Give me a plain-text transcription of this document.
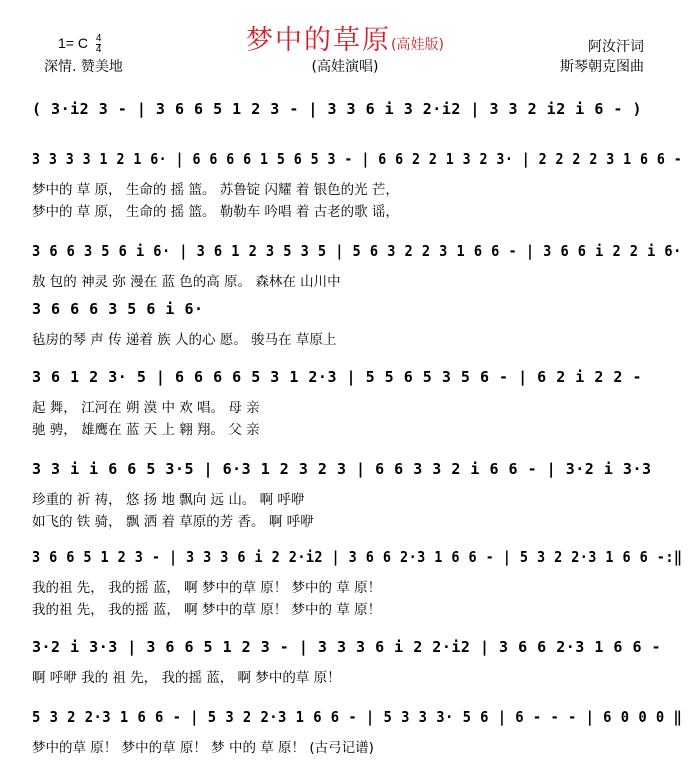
梦中的草原(高娃版)
1= C $\frac{4}{4}$
深情. 赞美地	(高娃演唱)
阿汝汗词
斯琴朝克图曲
( 3·i2 3 - | 3 6 6 5 1 2 3 - | 3 3 6 i 3 2·i2 | 3 3 2 i2 i 6 - )
3 3 3 3 1 2 1 6· | 6 6 6 6 1 5 6 5 3 - | 6 6 2 2 1 3 2 3· | 2 2 2 2 3 1 6 6 -
梦中的 草 原， 生命的 摇 篮。 苏鲁锭 闪耀 着 银色的光 芒，
梦中的 草 原， 生命的 摇 篮。 勒勒车 吟唱 着 古老的歌 谣，
3 6 6 3 5 6 i 6· | 3 6 1 2 3 5 3 5 | 5 6 3 2 2 3 1 6 6 - | 3 6 6 i 2 2 i 6·
敖 包的 神灵 弥 漫在 蓝 色的高 原。 森林在 山川中
3 6 6 6 3 5 6 i 6·
毡房的琴 声 传 递着 族 人的心 愿。 骏马在 草原上
3 6 1 2 3· 5 | 6 6 6 6 5 3 1 2·3 | 5 5 6 5 3 5 6 - | 6 2 i 2 2 -
起 舞， 江河在 朔 漠 中 欢 唱。 母 亲
驰 骋， 雄鹰在 蓝 天 上 翱 翔。 父 亲
3 3 i i 6 6 5 3·5 | 6·3 1 2 3 2 3 | 6 6 3 3 2 i 6 6 - | 3·2 i 3·3
珍重的 祈 祷， 悠 扬 地 飘向 远 山。 啊 呼咿
如飞的 铁 骑， 飘 洒 着 草原的芳 香。 啊 呼咿
3 6 6 5 1 2 3 - | 3 3 3 6 i 2 2·i2 | 3 6 6 2·3 1 6 6 - | 5 3 2 2·3 1 6 6 -:‖
我的祖 先， 我的摇 蓝， 啊 梦中的草 原！ 梦中的 草 原！
我的祖 先， 我的摇 蓝， 啊 梦中的草 原！ 梦中的 草 原！
3·2 i 3·3 | 3 6 6 5 1 2 3 - | 3 3 3 6 i 2 2·i2 | 3 6 6 2·3 1 6 6 -
啊 呼咿 我的 祖 先， 我的摇 蓝， 啊 梦中的草 原！
5 3 2 2·3 1 6 6 - | 5 3 2 2·3 1 6 6 - | 5 3 3 3· 5 6 | 6 - - - | 6 0 0 0 ‖
梦中的草 原！ 梦中的草 原！ 梦 中的 草 原！ (古弓记谱)
